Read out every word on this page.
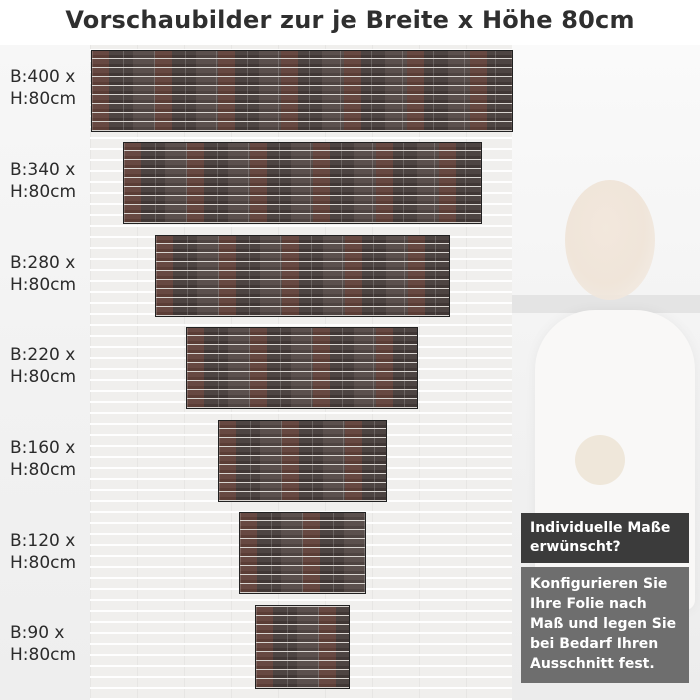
Vorschaubilder zur je Breite x Höhe 80cm
B:400 x
H:80cm
B:340 x
H:80cm
B:280 x
H:80cm
B:220 x
H:80cm
B:160 x
H:80cm
B:120 x
H:80cm
B:90 x
H:80cm
Individuelle Maße erwünscht?
Konfigurieren Sie Ihre Folie nach Maß und legen Sie bei Bedarf Ihren Ausschnitt fest.
